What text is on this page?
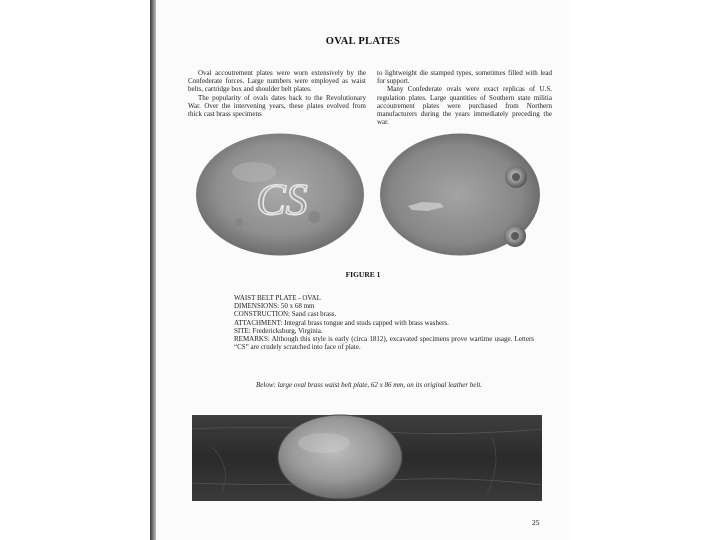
OVAL PLATES

Oval accoutrement plates were worn extensively by the Confederate forces. Large numbers were employed as waist belts, cartridge box and shoulder belt plates.

The popularity of ovals dates back to the Revolutionary War. Over the intervening years, these plates evolved from thick cast brass specimens

to lightweight die stamped types, sometimes filled with lead for support.

Many Confederate ovals were exact replicas of U.S. regulation plates. Large quantities of Southern state militia accoutrement plates were purchased from Northern manufacturers during the years immediately preceding the war.

CS
FIGURE 1
WAIST BELT PLATE - OVAL
DIMENSIONS: 50 x 68 mm
CONSTRUCTION: Sand cast brass.
ATTACHMENT: Integral brass tongue and studs capped with brass washers.
SITE: Fredericksburg, Virginia.
REMARKS: Although this style is early (circa 1812), excavated specimens prove wartime usage. Letters “CS” are crudely scratched into face of plate.
Below: large oval brass waist belt plate, 62 x 86 mm, on its original leather belt.
25
